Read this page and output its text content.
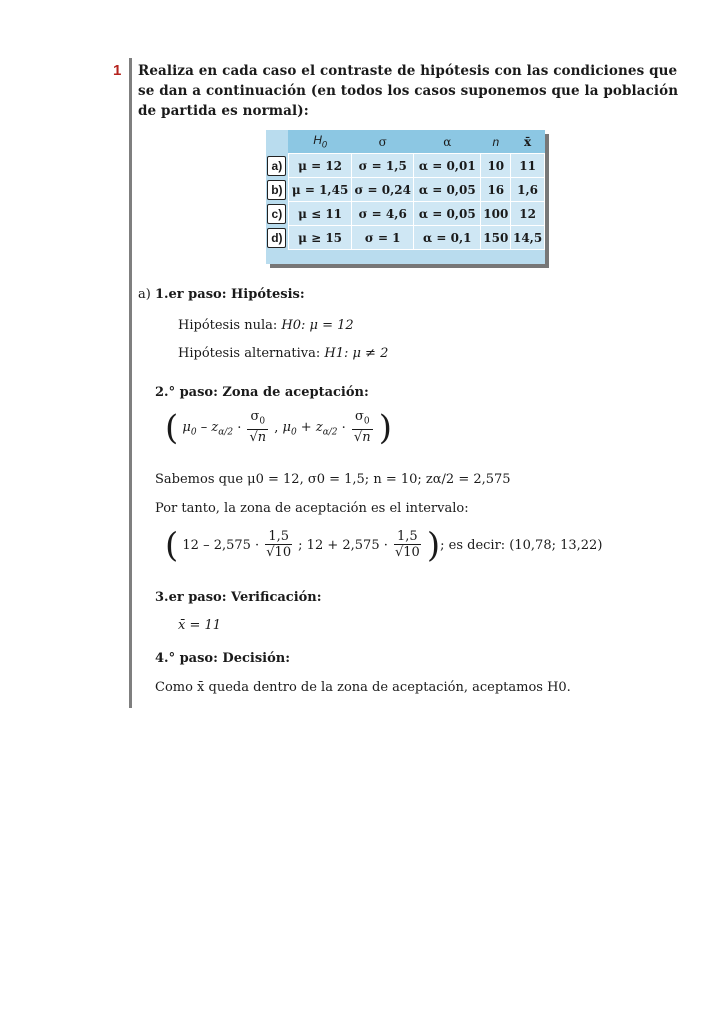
1 Realiza en cada caso el contraste de hipótesis con las condiciones que se dan a continuación (en todos los casos suponemos que la población de partida es normal):
	$H_0$	σ	α	n	x̄
a)	μ = 12	σ = 1,5	α = 0,01	10	11
b)	μ = 1,45	σ = 0,24	α = 0,05	16	1,6
c)	μ ≤ 11	σ = 4,6	α = 0,05	100	12
d)	μ ≥ 15	σ = 1	α = 0,1	150	14,5
a) 1.er paso: Hipótesis:
Hipótesis nula: H0: μ = 12
Hipótesis alternativa: H1: μ ≠ 2
2.° paso: Zona de aceptación:
( $\mu_0 - z_{\alpha/2} \cdot \frac{\sigma_0}{√n}$ , $\mu_0 + z_{\alpha/2} \cdot \frac{\sigma_0}{√n}$ )
Sabemos que μ0 = 12, σ0 = 1,5; n = 10; zα/2 = 2,575
Por tanto, la zona de aceptación es el intervalo:
( $12 - 2,575 \cdot \frac{1,5}{√10}$ ; $12 + 2,575 \cdot \frac{1,5}{√10}$ ); es decir: (10,78; 13,22)
3.er paso: Verificación:
x̄ = 11
4.° paso: Decisión:
Como x̄ queda dentro de la zona de aceptación, aceptamos H0.
